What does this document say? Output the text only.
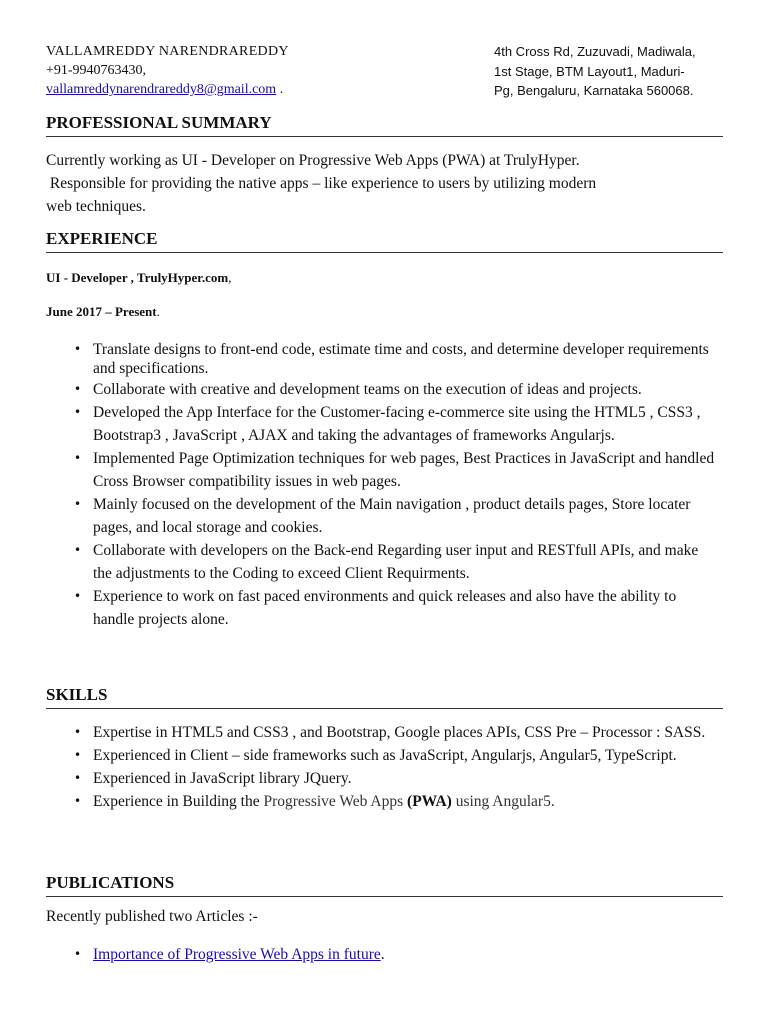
VALLAMREDDY NARENDRAREDDY
+91-9940763430,
vallamreddynarendrareddy8@gmail.com .
4th Cross Rd, Zuzuvadi, Madiwala,
1st Stage, BTM Layout1, Maduri-
Pg, Bengaluru, Karnataka 560068.
PROFESSIONAL SUMMARY
Currently working as UI - Developer on Progressive Web Apps (PWA) at TrulyHyper.
Responsible for providing the native apps – like experience to users by utilizing modern
web techniques.
EXPERIENCE
UI - Developer , TrulyHyper.com,
June 2017 – Present.
• Translate designs to front-end code, estimate time and costs, and determine developer requirements and specifications.
• Collaborate with creative and development teams on the execution of ideas and projects.
• Developed the App Interface for the Customer-facing e-commerce site using the HTML5 , CSS3 , Bootstrap3 , JavaScript , AJAX and taking the advantages of frameworks Angularjs.
• Implemented Page Optimization techniques for web pages, Best Practices in JavaScript and handled Cross Browser compatibility issues in web pages.
• Mainly focused on the development of the Main navigation , product details pages, Store locater pages, and local storage and cookies.
• Collaborate with developers on the Back-end Regarding user input and RESTfull APIs, and make the adjustments to the Coding to exceed Client Requirments.
• Experience to work on fast paced environments and quick releases and also have the ability to handle projects alone.
SKILLS
• Expertise in HTML5 and CSS3 , and Bootstrap, Google places APIs, CSS Pre – Processor : SASS.
• Experienced in Client – side frameworks such as JavaScript, Angularjs, Angular5, TypeScript.
• Experienced in JavaScript library JQuery.
• Experience in Building the Progressive Web Apps (PWA) using Angular5.
PUBLICATIONS
Recently published two Articles :-
• Importance of Progressive Web Apps in future.
